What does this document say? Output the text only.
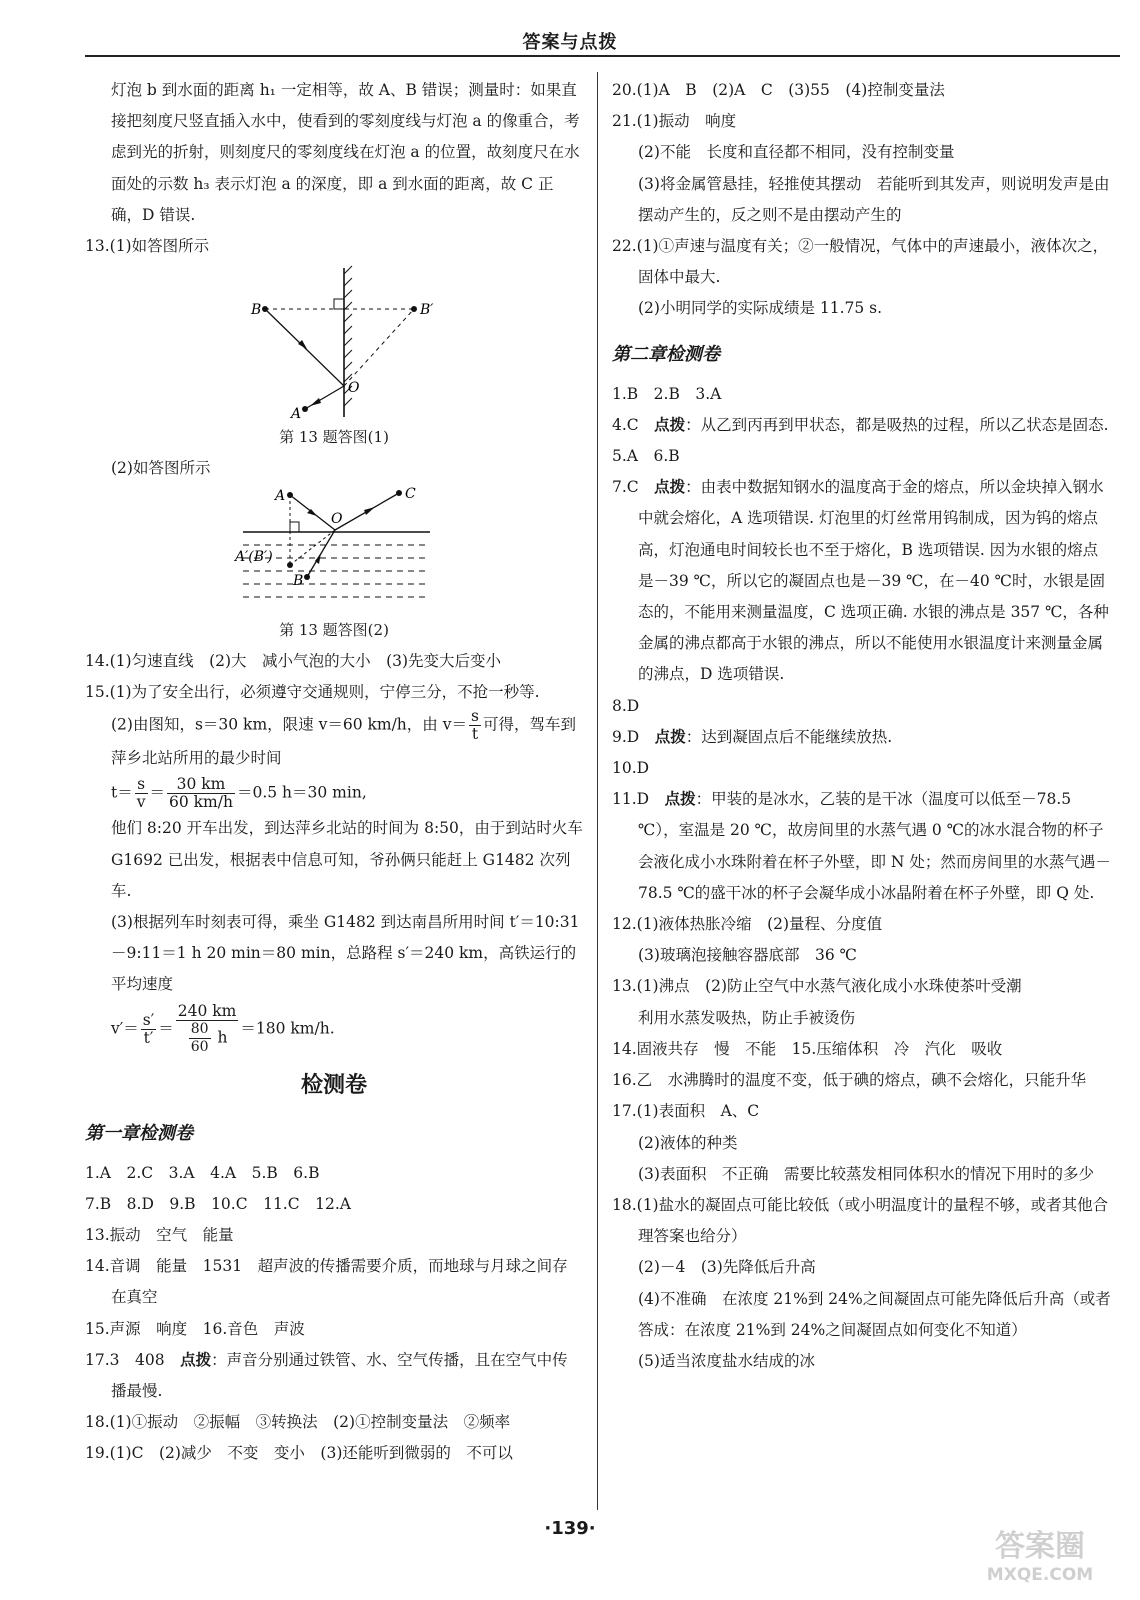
答案与点拨
灯泡 b 到水面的距离 h₁ 一定相等，故 A、B 错误；测量时：如果直接把刻度尺竖直插入水中，使看到的零刻度线与灯泡 a 的像重合，考虑到光的折射，则刻度尺的零刻度线在灯泡 a 的位置，故刻度尺在水面处的示数 h₃ 表示灯泡 a 的深度，即 a 到水面的距离，故 C 正确，D 错误.
13.(1)如答图所示
B	B′
O
A
第 13 题答图(1)
(2)如答图所示
A
O
C
A′(B′)
B
第 13 题答图(2)
14.(1)匀速直线　(2)大　减小气泡的大小　(3)先变大后变小
15.(1)为了安全出行，必须遵守交通规则，宁停三分，不抢一秒等.
(2)由图知，s＝30 km，限速 v＝60 km/h，由 $v= \frac{s}{t}$ 可得，驾车到萍乡北站所用的最少时间
$t= \frac{s}{v} = \frac{30 km}{60 km/h} =0.5$ h＝30 min,
他们 8:20 开车出发，到达萍乡北站的时间为 8:50，由于到站时火车 G1692 已出发，根据表中信息可知，爷孙俩只能赶上 G1482 次列车.
(3)根据列车时刻表可得，乘坐 G1482 到达南昌所用时间 t′＝10:31－9:11＝1 h 20 min＝80 min，总路程 s′＝240 km，高铁运行的平均速度
$v'= \frac{s'}{t'} = \frac{240 km}{\frac{80}{60} h} =180$ km/h.
检测卷
第一章检测卷
1.A　2.C　3.A　4.A　5.B　6.B
7.B　8.D　9.B　10.C　11.C　12.A
13.振动　空气　能量
14.音调　能量　1531　超声波的传播需要介质，而地球与月球之间存在真空
15.声源　响度　16.音色　声波
17.3　408　点拨：声音分别通过铁管、水、空气传播，且在空气中传播最慢.
18.(1)①振动　②振幅　③转换法　(2)①控制变量法　②频率
19.(1)C　(2)减少　不变　变小　(3)还能听到微弱的　不可以
20.(1)A　B　(2)A　C　(3)55　(4)控制变量法
21.(1)振动　响度
(2)不能　长度和直径都不相同，没有控制变量
(3)将金属管悬挂，轻推使其摆动　若能听到其发声，则说明发声是由摆动产生的，反之则不是由摆动产生的
22.(1)①声速与温度有关；②一般情况，气体中的声速最小，液体次之，固体中最大.
(2)小明同学的实际成绩是 11.75 s.
第二章检测卷
1.B　2.B　3.A
4.C　点拨：从乙到丙再到甲状态，都是吸热的过程，所以乙状态是固态.
5.A　6.B
7.C　点拨：由表中数据知钢水的温度高于金的熔点，所以金块掉入钢水中就会熔化，A 选项错误. 灯泡里的灯丝常用钨制成，因为钨的熔点高，灯泡通电时间较长也不至于熔化，B 选项错误. 因为水银的熔点是－39 ℃，所以它的凝固点也是－39 ℃，在－40 ℃时，水银是固态的，不能用来测量温度，C 选项正确. 水银的沸点是 357 ℃，各种金属的沸点都高于水银的沸点，所以不能使用水银温度计来测量金属的沸点，D 选项错误.
8.D
9.D　点拨：达到凝固点后不能继续放热.
10.D
11.D　点拨：甲装的是冰水，乙装的是干冰（温度可以低至－78.5 ℃），室温是 20 ℃，故房间里的水蒸气遇 0 ℃的冰水混合物的杯子会液化成小水珠附着在杯子外壁，即 N 处；然而房间里的水蒸气遇－78.5 ℃的盛干冰的杯子会凝华成小冰晶附着在杯子外壁，即 Q 处.
12.(1)液体热胀冷缩　(2)量程、分度值
(3)玻璃泡接触容器底部　36 ℃
13.(1)沸点　(2)防止空气中水蒸气液化成小水珠使茶叶受潮
利用水蒸发吸热，防止手被烫伤
14.固液共存　慢　不能　15.压缩体积　冷　汽化　吸收
16.乙　水沸腾时的温度不变，低于碘的熔点，碘不会熔化，只能升华
17.(1)表面积　A、C
(2)液体的种类
(3)表面积　不正确　需要比较蒸发相同体积水的情况下用时的多少
18.(1)盐水的凝固点可能比较低（或小明温度计的量程不够，或者其他合理答案也给分）
(2)－4　(3)先降低后升高
(4)不准确　在浓度 21%到 24%之间凝固点可能先降低后升高（或者答成：在浓度 21%到 24%之间凝固点如何变化不知道）
(5)适当浓度盐水结成的冰
·139·
答案圈
MXQE.COM
